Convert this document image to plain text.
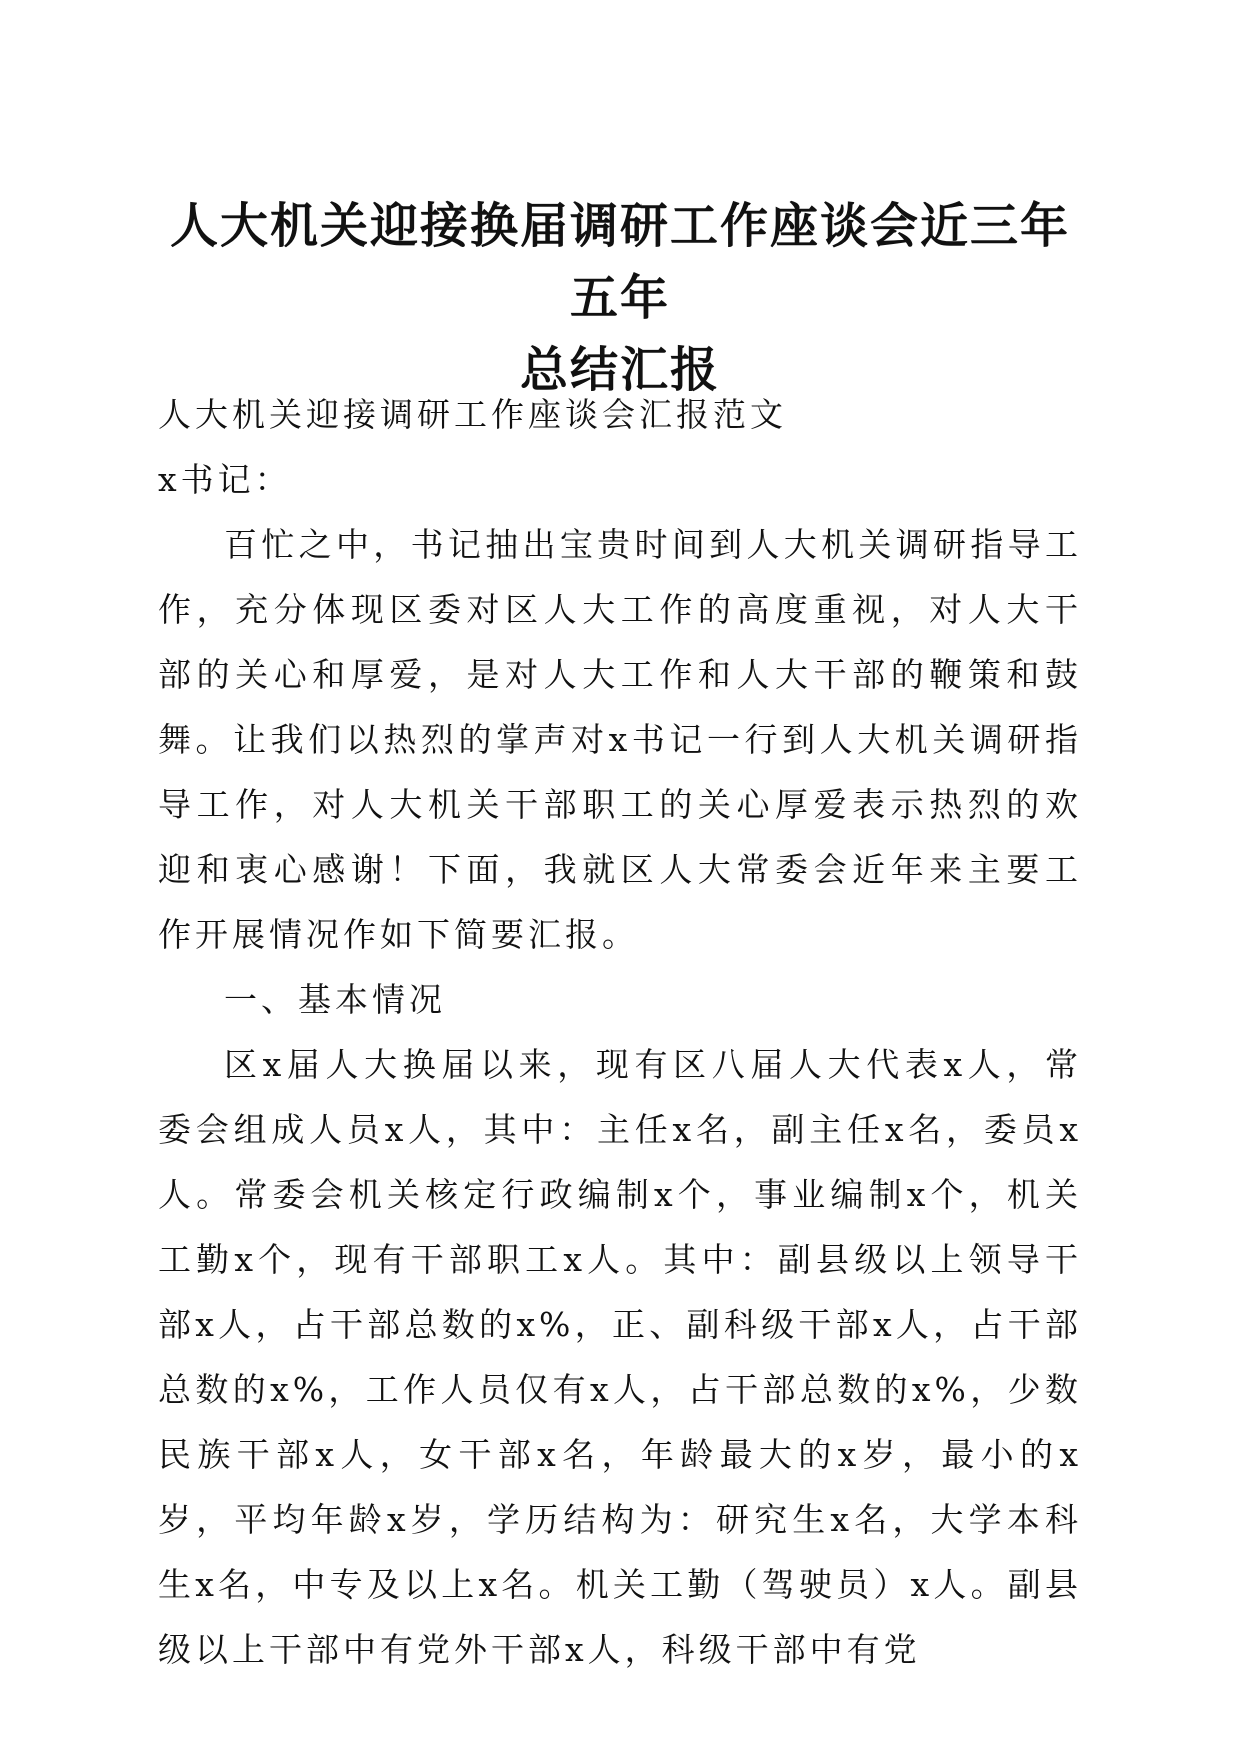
人大机关迎接换届调研工作座谈会近三年五年
总结汇报

人大机关迎接调研工作座谈会汇报范文

x书记：

百忙之中，书记抽出宝贵时间到人大机关调研指导工作，充分体现区委对区人大工作的高度重视，对人大干部的关心和厚爱，是对人大工作和人大干部的鞭策和鼓舞。让我们以热烈的掌声对x书记一行到人大机关调研指导工作，对人大机关干部职工的关心厚爱表示热烈的欢迎和衷心感谢！下面，我就区人大常委会近年来主要工作开展情况作如下简要汇报。

一、基本情况

区x届人大换届以来，现有区八届人大代表x人，常委会组成人员x人，其中：主任x名，副主任x名，委员x人。常委会机关核定行政编制x个，事业编制x个，机关工勤x个，现有干部职工x人。其中：副县级以上领导干部x人，占干部总数的x%，正、副科级干部x人，占干部总数的x%，工作人员仅有x人，占干部总数的x%，少数民族干部x人，女干部x名，年龄最大的x岁，最小的x岁，平均年龄x岁，学历结构为：研究生x名，大学本科生x名，中专及以上x名。机关工勤（驾驶员）x人。副县级以上干部中有党外干部x人，科级干部中有党
